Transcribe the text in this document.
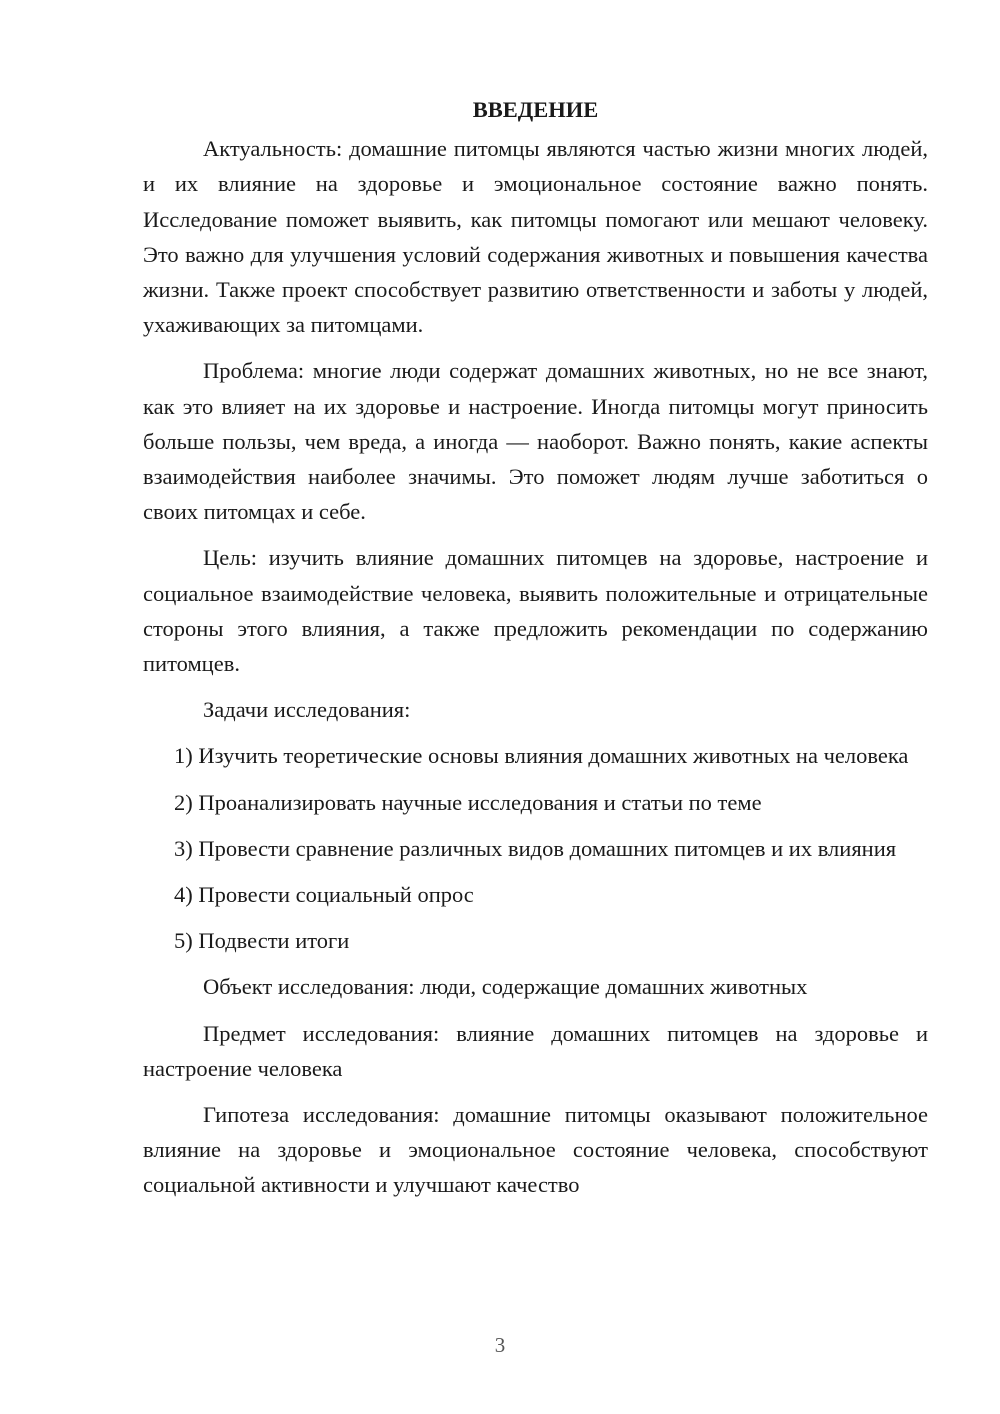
ВВЕДЕНИЕ

Актуальность: домашние питомцы являются частью жизни многих людей, и их влияние на здоровье и эмоциональное состояние важно понять. Исследование поможет выявить, как питомцы помогают или мешают человеку. Это важно для улучшения условий содержания животных и повышения качества жизни. Также проект способствует развитию ответственности и заботы у людей, ухаживающих за питомцами.

Проблема: многие люди содержат домашних животных, но не все знают, как это влияет на их здоровье и настроение. Иногда питомцы могут приносить больше пользы, чем вреда, а иногда — наоборот. Важно понять, какие аспекты взаимодействия наиболее значимы. Это поможет людям лучше заботиться о своих питомцах и себе.

Цель: изучить влияние домашних питомцев на здоровье, настроение и социальное взаимодействие человека, выявить положительные и отрицательные стороны этого влияния, а также предложить рекомендации по содержанию питомцев.

Задачи исследования:

1) Изучить теоретические основы влияния домашних животных на человека

2) Проанализировать научные исследования и статьи по теме

3) Провести сравнение различных видов домашних питомцев и их влияния

4) Провести социальный опрос

5) Подвести итоги

Объект исследования: люди, содержащие домашних животных

Предмет исследования: влияние домашних питомцев на здоровье и настроение человека

Гипотеза исследования: домашние питомцы оказывают положительное влияние на здоровье и эмоциональное состояние человека, способствуют социальной активности и улучшают качество

3
